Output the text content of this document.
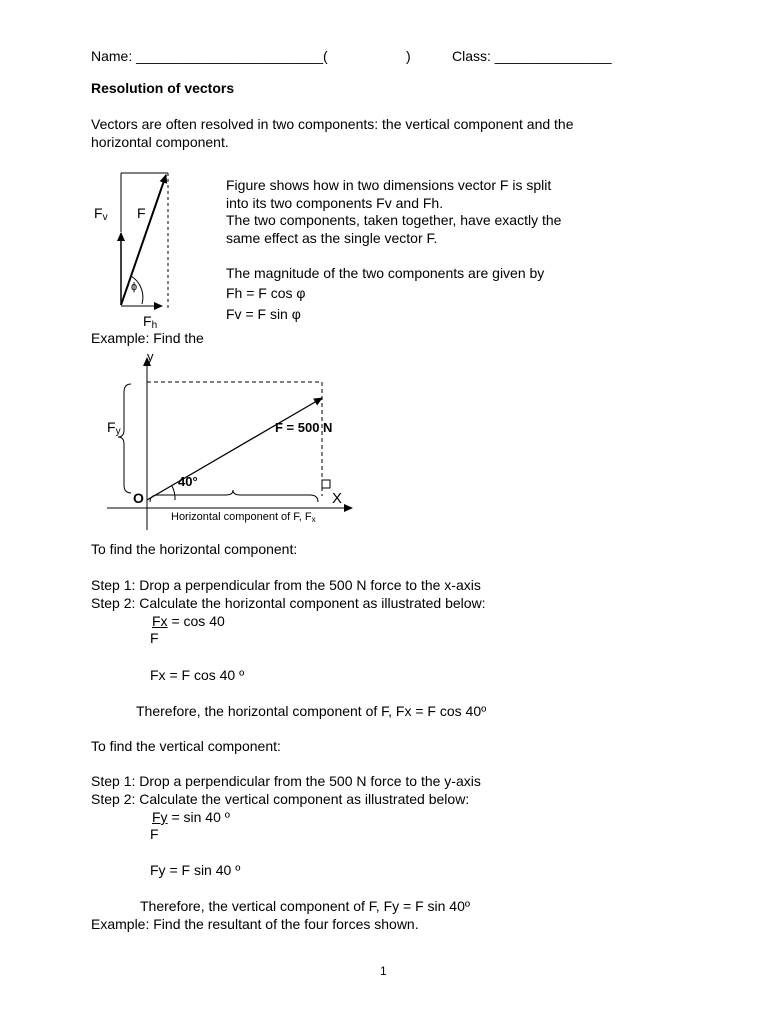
Name: ________________________(	)	Class: _______________
Resolution of vectors
Vectors are often resolved in two components: the vertical component and the
horizontal component.
Fv F
ɸ
Fh
Figure shows how in two dimensions vector F is split
into its two components Fv and Fh.
The two components, taken together, have exactly the
same effect as the single vector F.
The magnitude of the two components are given by
Fh = F cos φ
Fv = F sin φ
Example: Find the
y
X
O
Fy	F = 500 N
40°
Horizontal component of F, Fx
To find the horizontal component:
Step 1: Drop a perpendicular from the 500 N force to the x-axis
Step 2: Calculate the horizontal component as illustrated below:
Fx = cos 40
F
Fx = F cos 40 º
Therefore, the horizontal component of F, Fx = F cos 40º
To find the vertical component:
Step 1: Drop a perpendicular from the 500 N force to the y-axis
Step 2: Calculate the vertical component as illustrated below:
Fy = sin 40 º
F
Fy = F sin 40 º
Therefore, the vertical component of F, Fy = F sin 40º
Example: Find the resultant of the four forces shown.
1
